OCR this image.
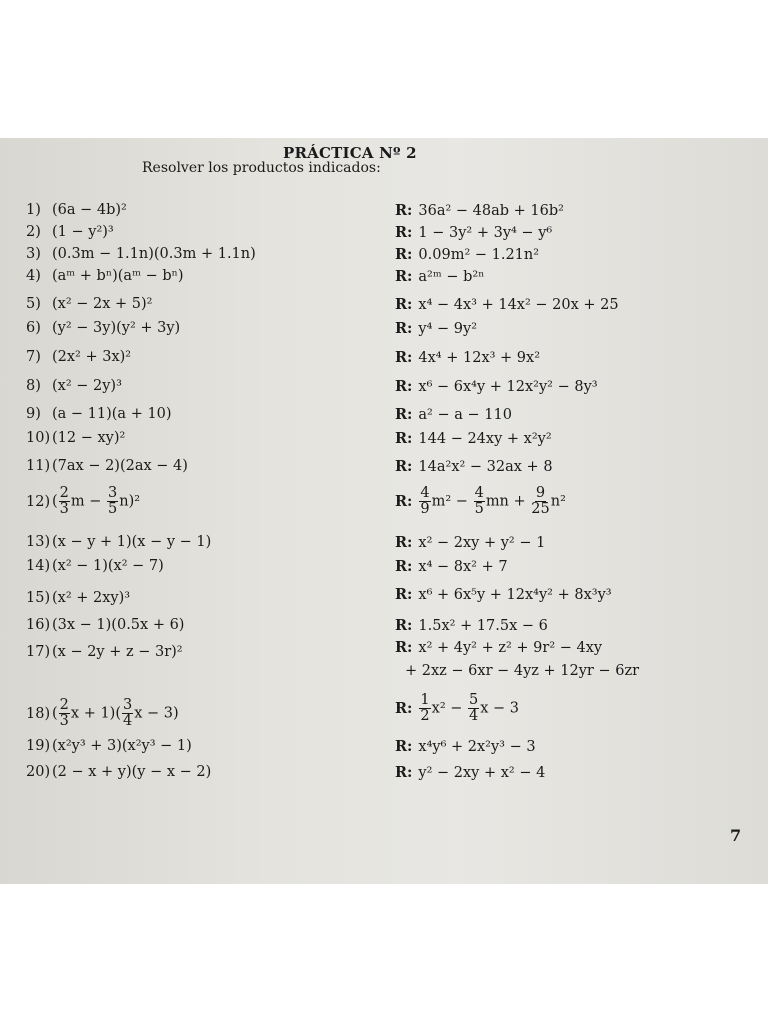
PRÁCTICA Nº 2
Resolver los productos indicados:
1) (6a − 4b)²	R: 36a² − 48ab + 16b²
2) (1 − y²)³	R: 1 − 3y² + 3y⁴ − y⁶
3) (0.3m − 1.1n)(0.3m + 1.1n)	R: 0.09m² − 1.21n²
4) (aᵐ + bⁿ)(aᵐ − bⁿ)	R: a²ᵐ − b²ⁿ
5) (x² − 2x + 5)²	R: x⁴ − 4x³ + 14x² − 20x + 25
6) (y² − 3y)(y² + 3y)	R: y⁴ − 9y²
7) (2x² + 3x)²	R: 4x⁴ + 12x³ + 9x²
8) (x² − 2y)³	R: x⁶ − 6x⁴y + 12x²y² − 8y³
9) (a − 11)(a + 10)	R: a² − a − 110
10) (12 − xy)²	R: 144 − 24xy + x²y²
11) (7ax − 2)(2ax − 4)	R: 14a²x² − 32ax + 8
12) ( $\frac{2}{3}$ $m - \frac{3}{5} n)^2$	R: $\frac{4}{9} m^2 - \frac{4}{5}$ mn + $\frac{9}{25} n^2$
13) (x − y + 1)(x − y − 1)	R: x² − 2xy + y² − 1
14) (x² − 1)(x² − 7)	R: x⁴ − 8x² + 7
15) (x² + 2xy)³	R: x⁶ + 6x⁵y + 12x⁴y² + 8x³y³
16) (3x − 1)(0.5x + 6)	R: 1.5x² + 17.5x − 6
17) (x − 2y + z − 3r)²	R: x² + 4y² + z² + 9r² − 4xy
+ 2xz − 6xr − 4yz + 12yr − 6zr
18) ( $\frac{2}{3}$ $x + 1)( \frac{3}{4}$ x − 3)	R: $\frac{1}{2} x^2 - \frac{5}{4}$ x − 3
19) (x²y³ + 3)(x²y³ − 1)	R: x⁴y⁶ + 2x²y³ − 3
20) (2 − x + y)(y − x − 2)	R: y² − 2xy + x² − 4
7
